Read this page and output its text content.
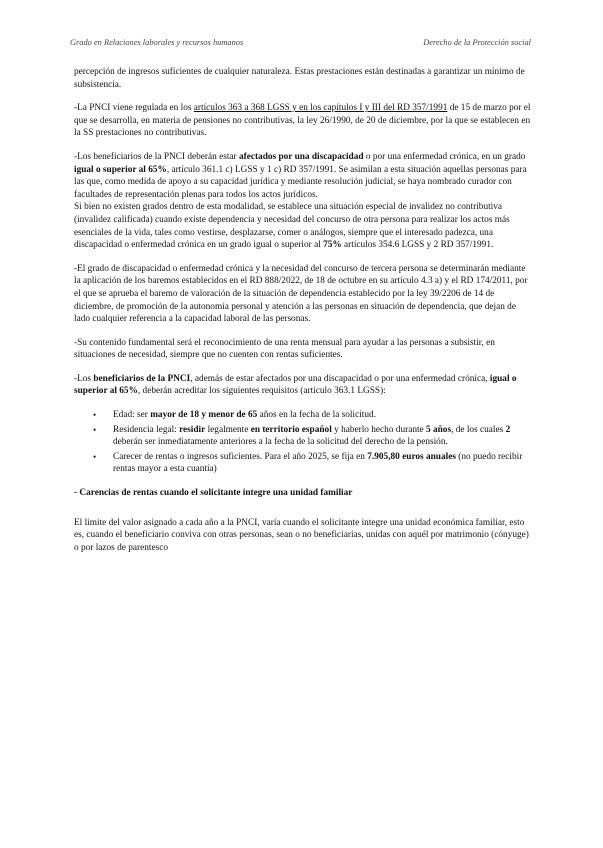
Grado en Relaciones laborales y recursos humanos	Derecho de la Protección social

percepción de ingresos suficientes de cualquier naturaleza. Estas prestaciones están destinadas a garantizar un mínimo de subsistencia.

-La PNCI viene regulada en los artículos 363 a 368 LGSS y en los capítulos I y III del RD 357/1991 de 15 de marzo por el que se desarrolla, en materia de pensiones no contributivas, la ley 26/1990, de 20 de diciembre, por la que se establecen en la SS prestaciones no contributivas.

-Los beneficiarios de la PNCI deberán estar afectados por una discapacidad o por una enfermedad crónica, en un grado igual o superior al 65%, artículo 361.1 c) LGSS y 1 c) RD 357/1991. Se asimilan a esta situación aquellas personas para las que, como medida de apoyo a su capacidad jurídica y mediante resolución judicial, se haya nombrado curador con facultades de representación plenas para todos los actos jurídicos.

Si bien no existen grados dentro de esta modalidad, se establece una situación especial de invalidez no contributiva (invalidez calificada) cuando existe dependencia y necesidad del concurso de otra persona para realizar los actos más esenciales de la vida, tales como vestirse, desplazarse, comer o análogos, siempre que el interesado padezca, una discapacidad o enfermedad crónica en un grado igual o superior al 75% artículos 354.6 LGSS y 2 RD 357/1991.

-El grado de discapacidad o enfermedad crónica y la necesidad del concurso de tercera persona se determinarán mediante la aplicación de los baremos establecidos en el RD 888/2022, de 18 de octubre en su artículo 4.3 a) y el RD 174/2011, por el que se aprueba el baremo de valoración de la situación de dependencia establecido por la ley 39/2206 de 14 de diciembre, de promoción de la autonomía personal y atención a las personas en situación de dependencia, que dejan de lado cualquier referencia a la capacidad laboral de las personas.

-Su contenido fundamental será el reconocimiento de una renta mensual para ayudar a las personas a subsistir, en situaciones de necesidad, siempre que no cuenten con rentas suficientes.

-Los beneficiarios de la PNCI, además de estar afectados por una discapacidad o por una enfermedad crónica, igual o superior al 65%, deberán acreditar los siguientes requisitos (artículo 363.1 LGSS):

• Edad: ser mayor de 18 y menor de 65 años en la fecha de la solicitud.
• Residencia legal: residir legalmente en territorio español y haberlo hecho durante 5 años, de los cuales 2 deberán ser inmediatamente anteriores a la fecha de la solicitud del derecho de la pensión.
• Carecer de rentas o ingresos suficientes. Para el año 2025, se fija en 7.905,80 euros anuales (no puedo recibir rentas mayor a esta cuantía)

- Carencias de rentas cuando el solicitante integre una unidad familiar

El límite del valor asignado a cada año a la PNCI, varía cuando el solicitante integre una unidad económica familiar, esto es, cuando el beneficiario conviva con otras personas, sean o no beneficiarias, unidas con aquél por matrimonio (cónyuge) o por lazos de parentesco
